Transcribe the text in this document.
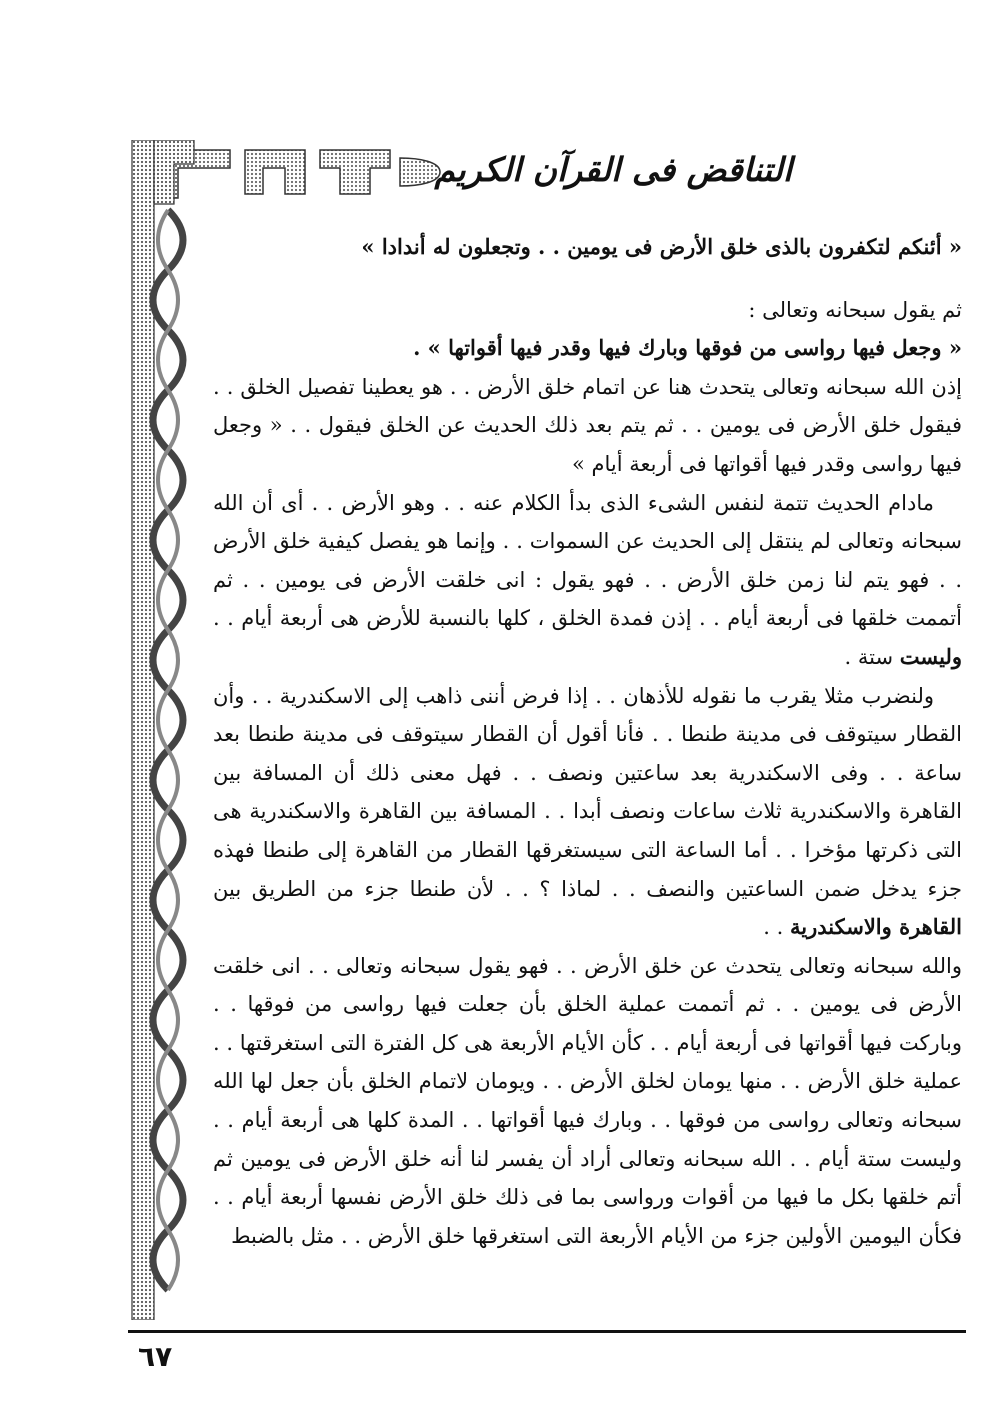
التناقض فى القرآن الكريم

« أئنكم لتكفرون بالذى خلق الأرض فى يومين . . وتجعلون له أندادا »

ثم يقول سبحانه وتعالى :

« وجعل فيها رواسى من فوقها وبارك فيها وقدر فيها أقواتها » .

إذن الله سبحانه وتعالى يتحدث هنا عن اتمام خلق الأرض . . هو يعطينا تفصيل الخلق . . فيقول خلق الأرض فى يومين . . ثم يتم بعد ذلك الحديث عن الخلق فيقول . . « وجعل فيها رواسى وقدر فيها أقواتها فى أربعة أيام »

مادام الحديث تتمة لنفس الشىء الذى بدأ الكلام عنه . . وهو الأرض . . أى أن الله سبحانه وتعالى لم ينتقل إلى الحديث عن السموات . . وإنما هو يفصل كيفية خلق الأرض . . فهو يتم لنا زمن خلق الأرض . . فهو يقول : انى خلقت الأرض فى يومين . . ثم أتممت خلقها فى أربعة أيام . . إذن فمدة الخلق ، كلها بالنسبة للأرض هى أربعة أيام . . وليست ستة .

ولنضرب مثلا يقرب ما نقوله للأذهان . . إذا فرض أننى ذاهب إلى الاسكندرية . . وأن القطار سيتوقف فى مدينة طنطا . . فأنا أقول أن القطار سيتوقف فى مدينة طنطا بعد ساعة . . وفى الاسكندرية بعد ساعتين ونصف . . فهل معنى ذلك أن المسافة بين القاهرة والاسكندرية ثلاث ساعات ونصف أبدا . . المسافة بين القاهرة والاسكندرية هى التى ذكرتها مؤخرا . . أما الساعة التى سيستغرقها القطار من القاهرة إلى طنطا فهذه جزء يدخل ضمن الساعتين والنصف . . لماذا ؟ . . لأن طنطا جزء من الطريق بين القاهرة والاسكندرية . .

والله سبحانه وتعالى يتحدث عن خلق الأرض . . فهو يقول سبحانه وتعالى . . انى خلقت الأرض فى يومين . . ثم أتممت عملية الخلق بأن جعلت فيها رواسى من فوقها . . وباركت فيها أقواتها فى أربعة أيام . . كأن الأيام الأربعة هى كل الفترة التى استغرقتها . . عملية خلق الأرض . . منها يومان لخلق الأرض . . ويومان لاتمام الخلق بأن جعل لها الله سبحانه وتعالى رواسى من فوقها . . وبارك فيها أقواتها . . المدة كلها هى أربعة أيام . . وليست ستة أيام . . الله سبحانه وتعالى أراد أن يفسر لنا أنه خلق الأرض فى يومين ثم أتم خلقها بكل ما فيها من أقوات ورواسى بما فى ذلك خلق الأرض نفسها أربعة أيام . . فكأن اليومين الأولين جزء من الأيام الأربعة التى استغرقها خلق الأرض . . مثل بالضبط

٦٧
